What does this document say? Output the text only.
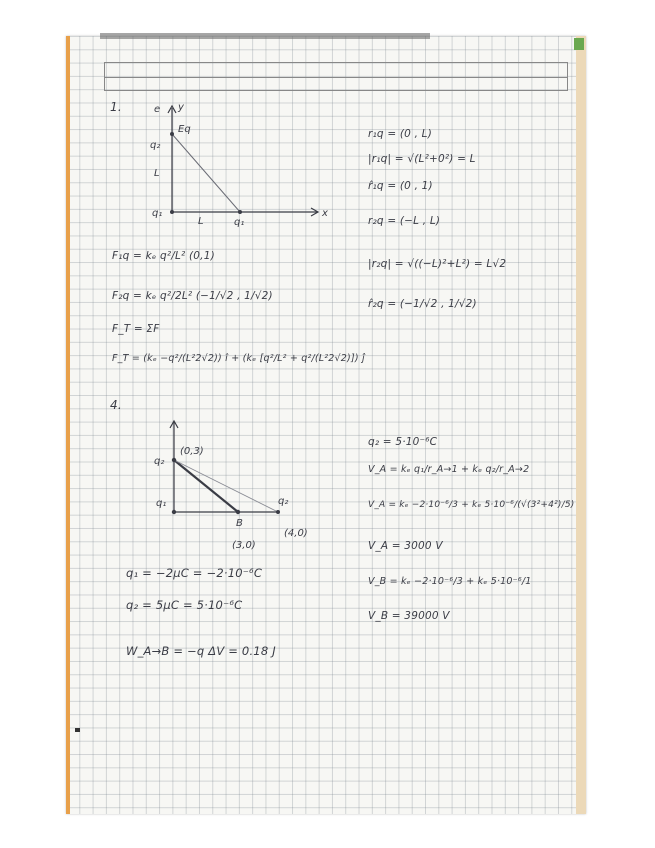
1.	y
x
e
Eq
q₂
L
L
q₁
q₁
F₁q = kₑ q²/L² (0,1)
F₂q = kₑ q²/2L² (−1/√2 , 1/√2)
F_T = ΣF
F_T = (kₑ −q²/(L²2√2)) î + (kₑ [q²/L² + q²/(L²2√2)]) ĵ
r₁q = (0 , L)
|r₁q| = √(L²+0²) = L
r̂₁q = (0 , 1)
r₂q = (−L , L)
|r₂q| = √((−L)²+L²) = L√2
r̂₂q = (−1/√2 , 1/√2)
4.
(0,3)
q₂
q₁	q₂
B
(3,0)
(4,0)
q₁ = −2μC = −2·10⁻⁶C
q₂ = 5μC = 5·10⁻⁶C
W_A→B = −q ΔV = 0.18 J
q₂ = 5·10⁻⁶C
V_A = kₑ q₁/r_A→1 + kₑ q₂/r_A→2
V_A = kₑ −2·10⁻⁶/3 + kₑ 5·10⁻⁶/(√(3²+4²)/5)
V_A = 3000 V
V_B = kₑ −2·10⁻⁶/3 + kₑ 5·10⁻⁶/1
V_B = 39000 V
